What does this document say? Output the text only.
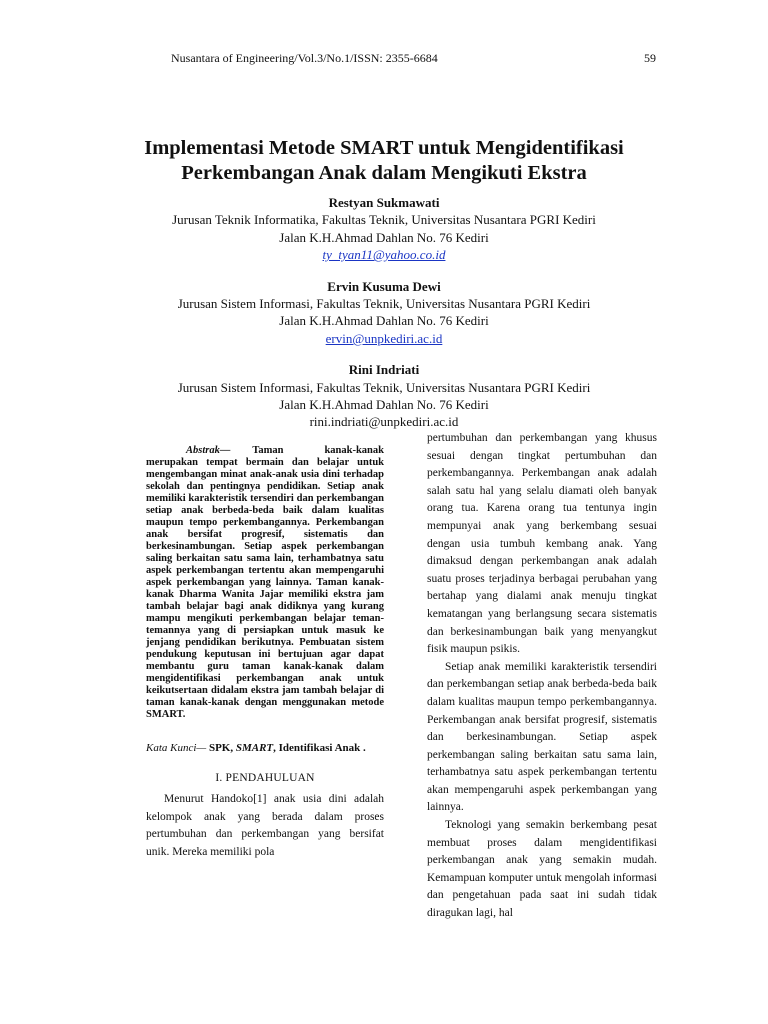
Nusantara of Engineering/Vol.3/No.1/ISSN: 2355-6684	59
Implementasi Metode SMART untuk Mengidentifikasi Perkembangan Anak dalam Mengikuti Ekstra
Restyan Sukmawati
Jurusan Teknik Informatika, Fakultas Teknik, Universitas Nusantara PGRI Kediri
Jalan K.H.Ahmad Dahlan No. 76 Kediri
ty_tyan11@yahoo.co.id
Ervin Kusuma Dewi
Jurusan Sistem Informasi, Fakultas Teknik, Universitas Nusantara PGRI Kediri
Jalan K.H.Ahmad Dahlan No. 76 Kediri
ervin@unpkediri.ac.id
Rini Indriati
Jurusan Sistem Informasi, Fakultas Teknik, Universitas Nusantara PGRI Kediri
Jalan K.H.Ahmad Dahlan No. 76 Kediri
rini.indriati@unpkediri.ac.id

Abstrak— Taman kanak-kanak merupakan tempat bermain dan belajar untuk mengembangan minat anak-anak usia dini terhadap sekolah dan pentingnya pendidikan. Setiap anak memiliki karakteristik tersendiri dan perkembangan setiap anak berbeda-beda baik dalam kualitas maupun tempo perkembangannya. Perkembangan anak bersifat progresif, sistematis dan berkesinambungan. Setiap aspek perkembangan saling berkaitan satu sama lain, terhambatnya satu aspek perkembangan tertentu akan mempengaruhi aspek perkembangan yang lainnya. Taman kanak-kanak Dharma Wanita Jajar memiliki ekstra jam tambah belajar bagi anak didiknya yang kurang mampu mengikuti perkembangan belajar teman-temannya yang di persiapkan untuk masuk ke jenjang pendidikan berikutnya. Pembuatan sistem pendukung keputusan ini bertujuan agar dapat membantu guru taman kanak-kanak dalam mengidentifikasi perkembangan anak untuk keikutsertaan didalam ekstra jam tambah belajar di taman kanak-kanak dengan menggunakan metode SMART.

Kata Kunci— SPK, SMART, Identifikasi Anak .

I. PENDAHULUAN

Menurut Handoko[1] anak usia dini adalah kelompok anak yang berada dalam proses pertumbuhan dan perkembangan yang bersifat unik. Mereka memiliki pola

pertumbuhan dan perkembangan yang khusus sesuai dengan tingkat pertumbuhan dan perkembangannya. Perkembangan anak adalah salah satu hal yang selalu diamati oleh banyak orang tua. Karena orang tua tentunya ingin mempunyai anak yang berkembang sesuai dengan usia tumbuh kembang anak. Yang dimaksud dengan perkembangan anak adalah suatu proses terjadinya berbagai perubahan yang bertahap yang dialami anak menuju tingkat kematangan yang berlangsung secara sistematis dan berkesinambungan baik yang menyangkut fisik maupun psikis.

Setiap anak memiliki karakteristik tersendiri dan perkembangan setiap anak berbeda-beda baik dalam kualitas maupun tempo perkembangannya. Perkembangan anak bersifat progresif, sistematis dan berkesinambungan. Setiap aspek perkembangan saling berkaitan satu sama lain, terhambatnya satu aspek perkembangan tertentu akan mempengaruhi aspek perkembangan yang lainnya.

Teknologi yang semakin berkembang pesat membuat proses dalam mengidentifikasi perkembangan anak yang semakin mudah. Kemampuan komputer untuk mengolah informasi dan pengetahuan pada saat ini sudah tidak diragukan lagi, hal
